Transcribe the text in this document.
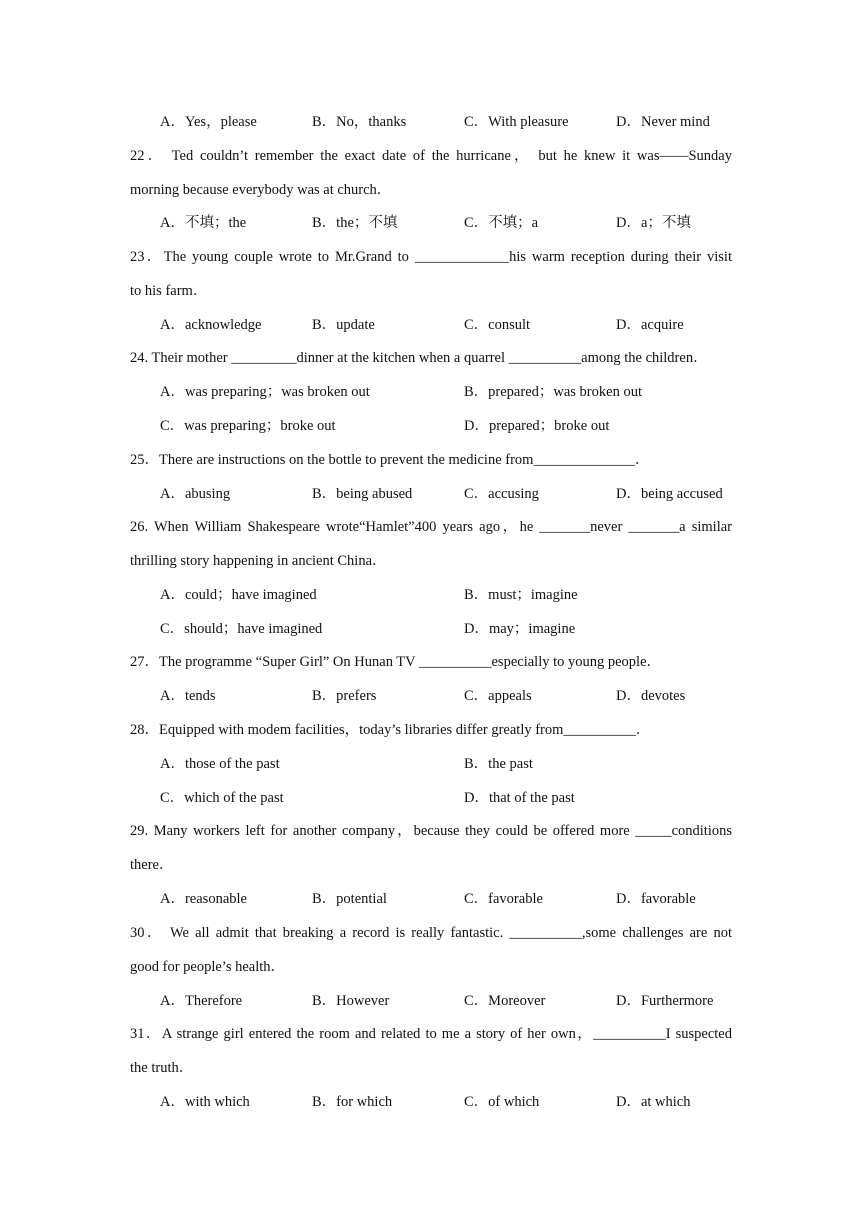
A．Yes，please	B．No，thanks	C．With pleasure	D．Never mind
22． Ted couldn’t remember the exact date of the hurricane， but he knew it was——Sunday
morning because everybody was at church．
A．不填；the	B．the；不填	C．不填；a	D．a；不填
23．The young couple wrote to Mr.Grand to _____________his warm reception during their visit
to his farm．
A．acknowledge	B．update	C．consult	D．acquire
24. Their mother _________dinner at the kitchen when a quarrel __________among the children．
A．was preparing；was broken out	B．prepared；was broken out
C．was preparing；broke out	D．prepared；broke out
25．There are instructions on the bottle to prevent the medicine from______________．
A．abusing	B．being abused	C．accusing	D．being accused
26. When William Shakespeare wrote“Hamlet”400 years ago，he _______never _______a similar
thrilling story happening in ancient China．
A．could；have imagined	B．must；imagine
C．should；have imagined	D．may；imagine
27．The programme “Super Girl” On Hunan TV __________especially to young people．
A．tends	B．prefers	C．appeals	D．devotes
28．Equipped with modem facilities，today’s libraries differ greatly from__________．
A．those of the past	B．the past
C．which of the past	D．that of the past
29. Many workers left for another company，because they could be offered more _____conditions
there．
A．reasonable	B．potential	C．favorable	D．favorable
30． We all admit that breaking a record is really fantastic. __________,some challenges are not
good for people’s health．
A．Therefore	B．However	C．Moreover	D．Furthermore
31．A strange girl entered the room and related to me a story of her own，__________I suspected
the truth．
A．with which	B．for which	C．of which	D．at which
